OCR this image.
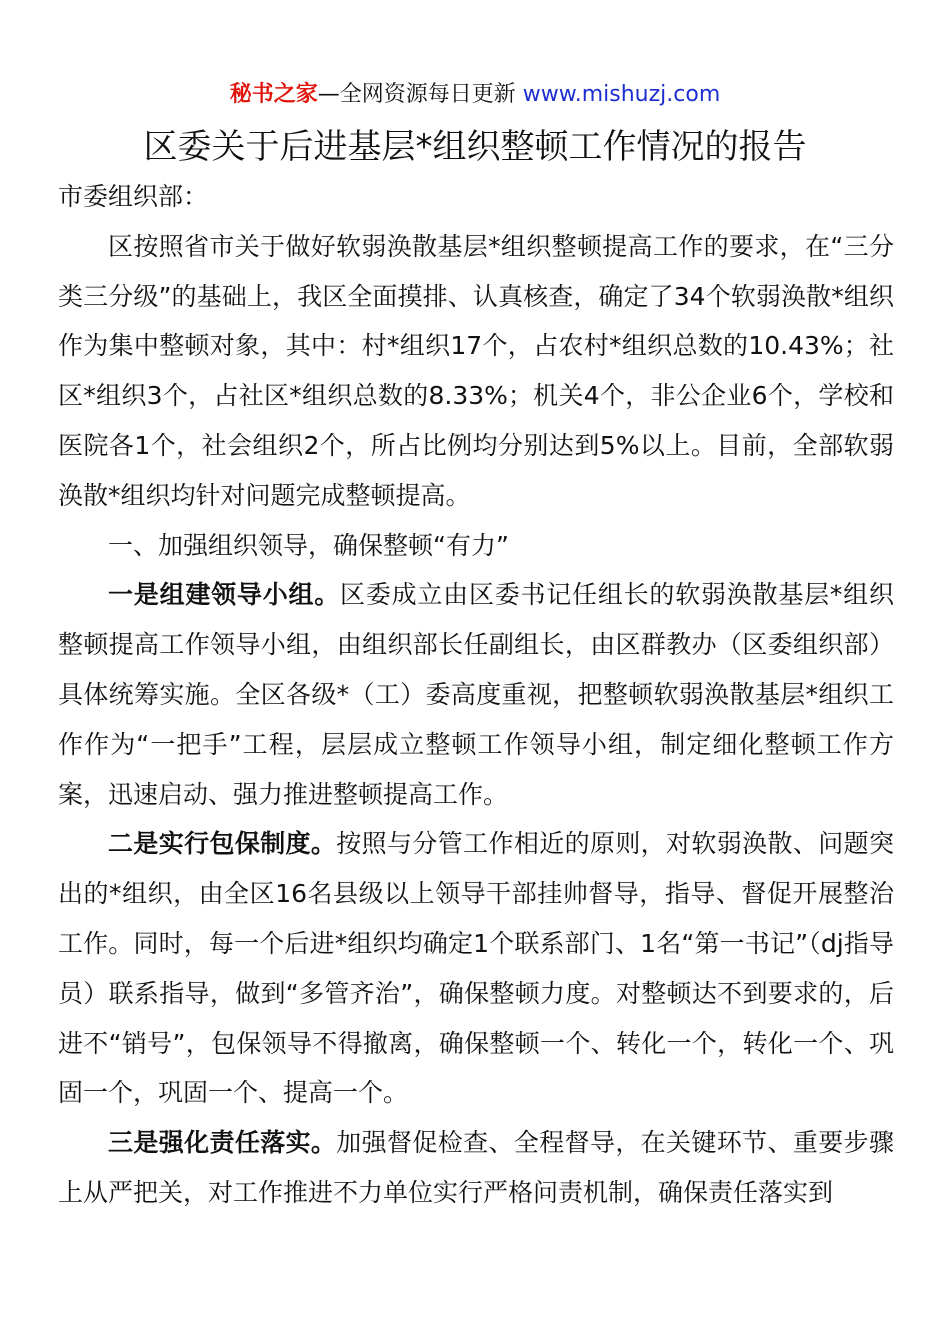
秘书之家—全网资源每日更新 www.mishuzj.com
区委关于后进基层*组织整顿工作情况的报告

市委组织部：

区按照省市关于做好软弱涣散基层*组织整顿提高工作的要求，在“三分类三分级”的基础上，我区全面摸排、认真核查，确定了34个软弱涣散*组织作为集中整顿对象，其中：村*组织17个，占农村*组织总数的10.43%；社区*组织3个，占社区*组织总数的8.33%；机关4个，非公企业6个，学校和医院各1个，社会组织2个，所占比例均分别达到5%以上。目前，全部软弱涣散*组织均针对问题完成整顿提高。

一、加强组织领导，确保整顿“有力”

一是组建领导小组。区委成立由区委书记任组长的软弱涣散基层*组织整顿提高工作领导小组，由组织部长任副组长，由区群教办（区委组织部）具体统筹实施。全区各级*（工）委高度重视，把整顿软弱涣散基层*组织工作作为“一把手”工程，层层成立整顿工作领导小组，制定细化整顿工作方案，迅速启动、强力推进整顿提高工作。

二是实行包保制度。按照与分管工作相近的原则，对软弱涣散、问题突出的*组织，由全区16名县级以上领导干部挂帅督导，指导、督促开展整治工作。同时，每一个后进*组织均确定1个联系部门、1名“第一书记”（dj指导员）联系指导，做到“多管齐治”，确保整顿力度。对整顿达不到要求的，后进不“销号”，包保领导不得撤离，确保整顿一个、转化一个，转化一个、巩固一个，巩固一个、提高一个。

三是强化责任落实。加强督促检查、全程督导，在关键环节、重要步骤上从严把关，对工作推进不力单位实行严格问责机制，确保责任落实到
